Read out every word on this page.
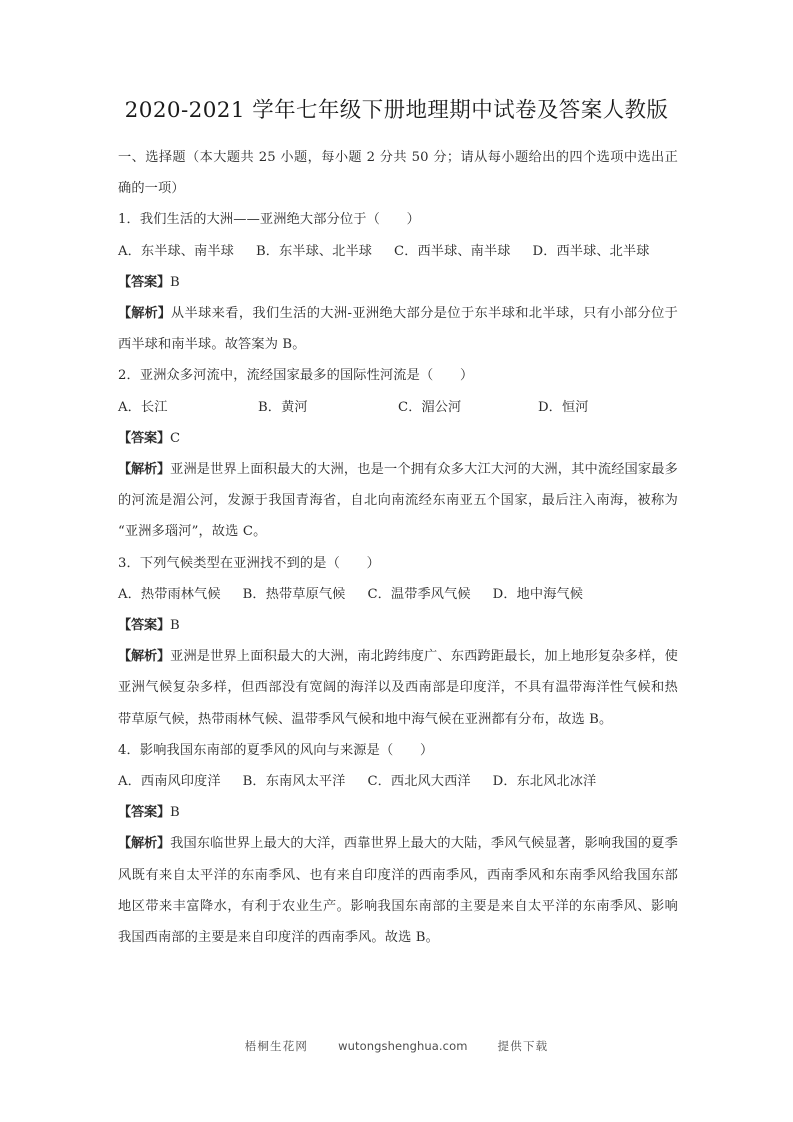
2020-2021 学年七年级下册地理期中试卷及答案人教版

一、选择题（本大题共 25 小题，每小题 2 分共 50 分；请从每小题给出的四个选项中选出正确的一项）

1．我们生活的大洲——亚洲绝大部分位于（　　）

A．东半球、南半球 B．东半球、北半球 C．西半球、南半球 D．西半球、北半球

【答案】B

【解析】从半球来看，我们生活的大洲-亚洲绝大部分是位于东半球和北半球，只有小部分位于西半球和南半球。故答案为 B。

2．亚洲众多河流中，流经国家最多的国际性河流是（　　）

A．长江	B．黄河	C．湄公河	D．恒河

【答案】C

【解析】亚洲是世界上面积最大的大洲，也是一个拥有众多大江大河的大洲，其中流经国家最多的河流是湄公河，发源于我国青海省，自北向南流经东南亚五个国家，最后注入南海，被称为“亚洲多瑙河”，故选 C。

3．下列气候类型在亚洲找不到的是（　　）

A．热带雨林气候 B．热带草原气候 C．温带季风气候 D．地中海气候

【答案】B

【解析】亚洲是世界上面积最大的大洲，南北跨纬度广、东西跨距最长，加上地形复杂多样，使亚洲气候复杂多样，但西部没有宽阔的海洋以及西南部是印度洋，不具有温带海洋性气候和热带草原气候，热带雨林气候、温带季风气候和地中海气候在亚洲都有分布，故选 B。

4．影响我国东南部的夏季风的风向与来源是（　　）

A．西南风印度洋 B．东南风太平洋 C．西北风大西洋 D．东北风北冰洋

【答案】B

【解析】我国东临世界上最大的大洋，西靠世界上最大的大陆，季风气候显著，影响我国的夏季风既有来自太平洋的东南季风、也有来自印度洋的西南季风，西南季风和东南季风给我国东部地区带来丰富降水，有利于农业生产。影响我国东南部的主要是来自太平洋的东南季风、影响我国西南部的主要是来自印度洋的西南季风。故选 B。

梧桐生花网	wutongshenghua.com	提供下载
